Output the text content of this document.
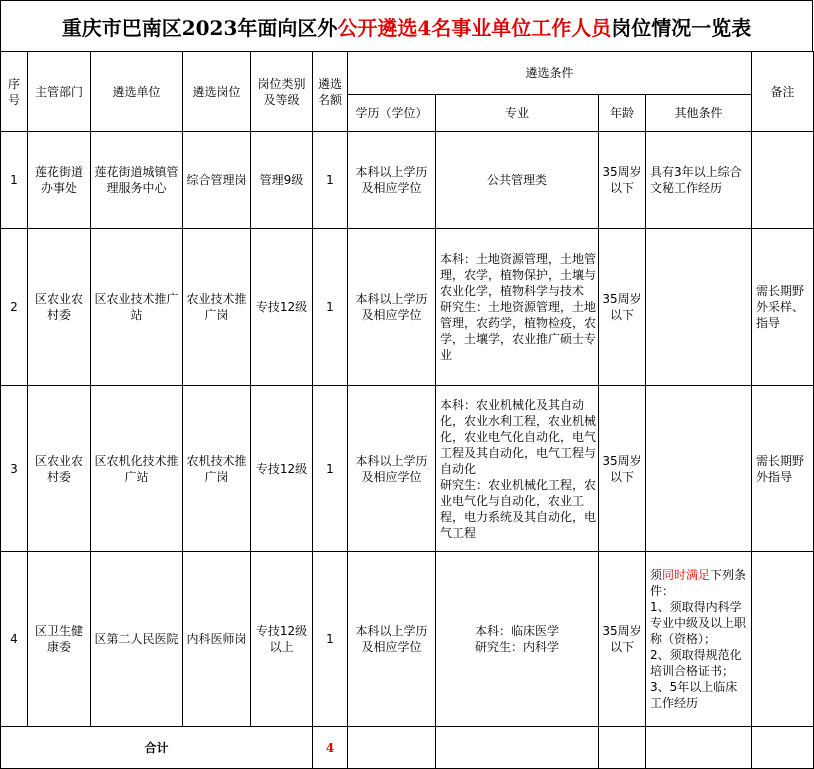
重庆市巴南区2023年面向区外 公开遴选4名事业单位工作人员 岗位情况一览表
序号	主管部门	遴选单位	遴选岗位	岗位类别及等级	遴选名额	遴选条件				备注
						学历（学位）	专业	年龄	其他条件	
1	莲花街道办事处	莲花街道城镇管理服务中心	综合管理岗	管理9级	1	本科以上学历及相应学位	公共管理类	35周岁以下	具有3年以上综合文秘工作经历	
2	区农业农村委	区农业技术推广站	农业技术推广岗	专技12级	1	本科以上学历及相应学位	本科：土地资源管理，土地管理，农学，植物保护，土壤与农业化学，植物科学与技术
研究生：土地资源管理，土地管理，农药学，植物检疫，农学，土壤学，农业推广硕士专业	35周岁以下		需长期野外采样、指导
3	区农业农村委	区农机化技术推广站	农机技术推广岗	专技12级	1	本科以上学历及相应学位	本科：农业机械化及其自动化，农业水利工程，农业机械化，农业电气化自动化，电气工程及其自动化，电气工程与自动化
研究生：农业机械化工程，农业电气化与自动化，农业工程，电力系统及其自动化，电气工程	35周岁以下		需长期野外指导
4	区卫生健康委	区第二人民医院	内科医师岗	专技12级以上	1	本科以上学历及相应学位	本科：临床医学
研究生：内科学	35周岁以下	须同时满足下列条件：
1、须取得内科学专业中级及以上职称（资格）；
2、须取得规范化培训合格证书；
3、5年以上临床工作经历	

合计					4					
